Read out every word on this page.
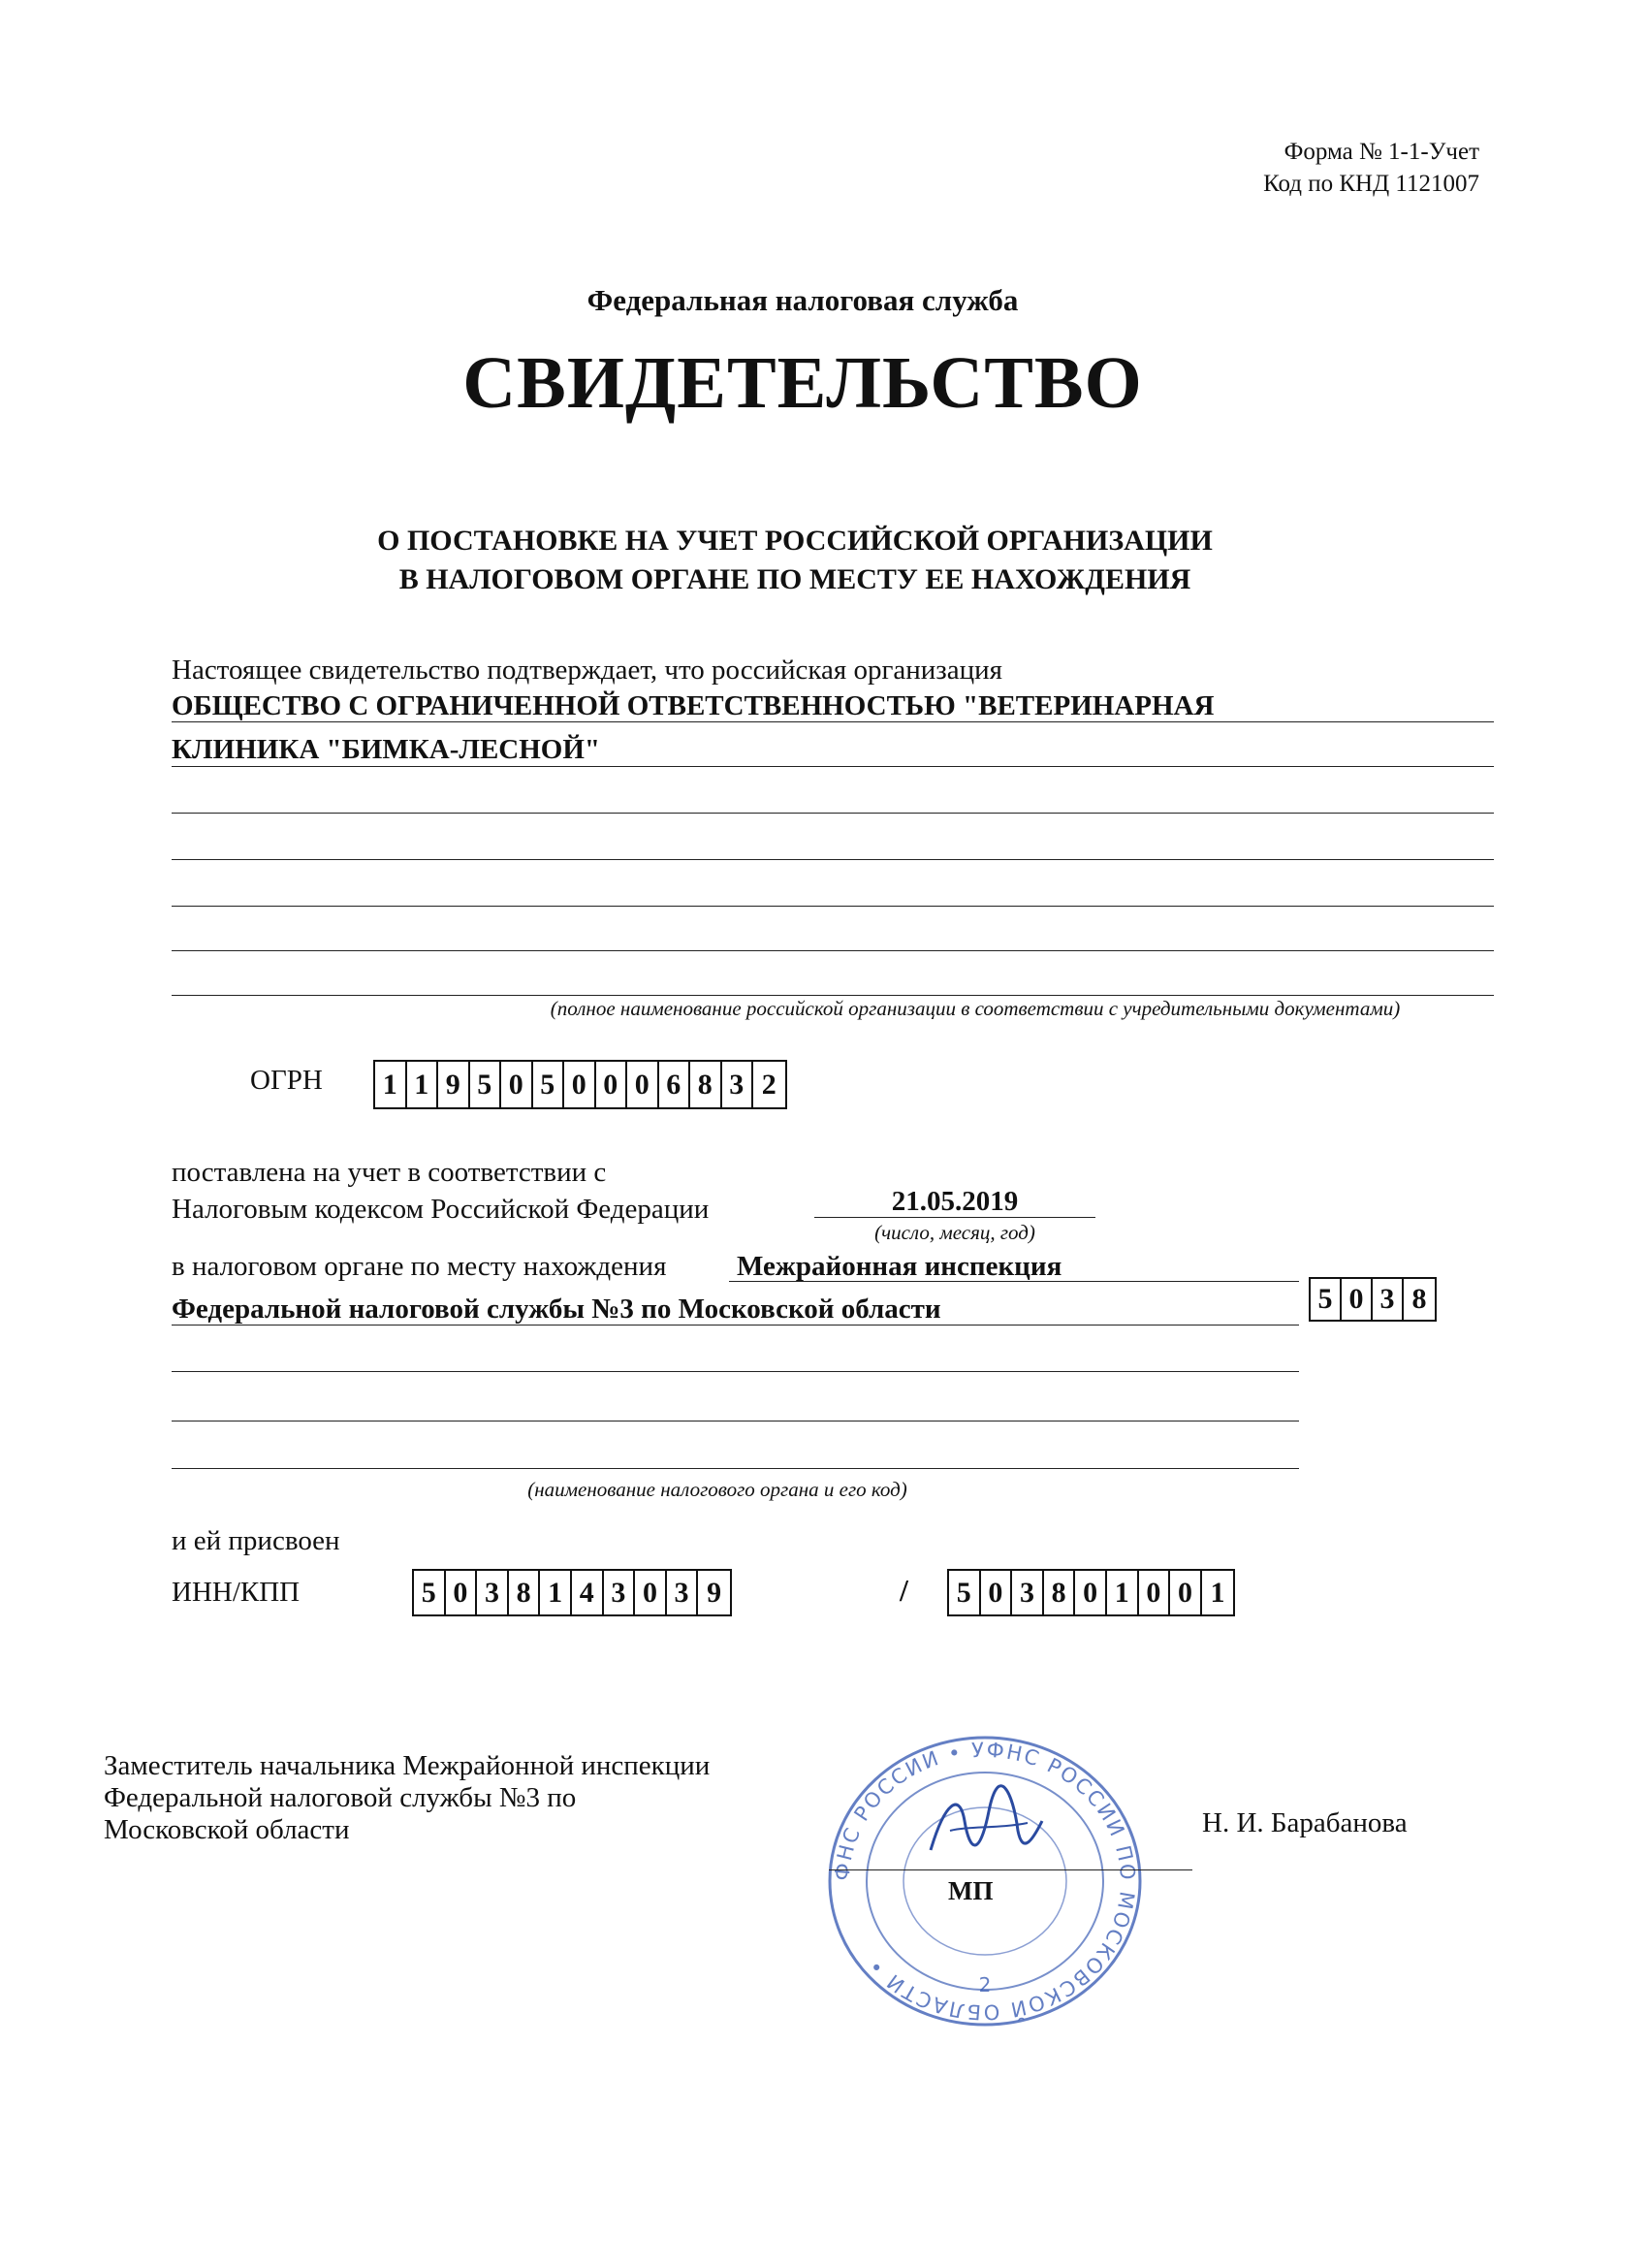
Форма № 1-1-Учет
Код по КНД 1121007
Федеральная налоговая служба
СВИДЕТЕЛЬСТВО
О ПОСТАНОВКЕ НА УЧЕТ РОССИЙСКОЙ ОРГАНИЗАЦИИ
В НАЛОГОВОМ ОРГАНЕ ПО МЕСТУ ЕЕ НАХОЖДЕНИЯ
Настоящее свидетельство подтверждает, что российская организация
ОБЩЕСТВО С ОГРАНИЧЕННОЙ ОТВЕТСТВЕННОСТЬЮ "ВЕТЕРИНАРНАЯ
КЛИНИКА "БИМКА-ЛЕСНОЙ"
(полное наименование российской организации в соответствии с учредительными документами)
ОГРН 1 1 9 5 0 5 0 0 0 6 8 3 2
поставлена на учет в соответствии с
Налоговым кодексом Российской Федерации	21.05.2019
(число, месяц, год)
в налоговом органе по месту нахождения	Межрайонная инспекция
Федеральной налоговой службы №3 по Московской области	5 0 3 8
(наименование налогового органа и его код)
и ей присвоен
ИНН/КПП	5 0 3 8 1 4 3 0 3 9	/ 5 0 3 8 0 1 0 0 1
Заместитель начальника Межрайонной инспекции
Федеральной налоговой службы №3 по
Московской области
ФНС РОССИИ • УФНС РОССИИ ПО МОСКОВСКОЙ ОБЛАСТИ •
2
МП
Н. И. Барабанова
